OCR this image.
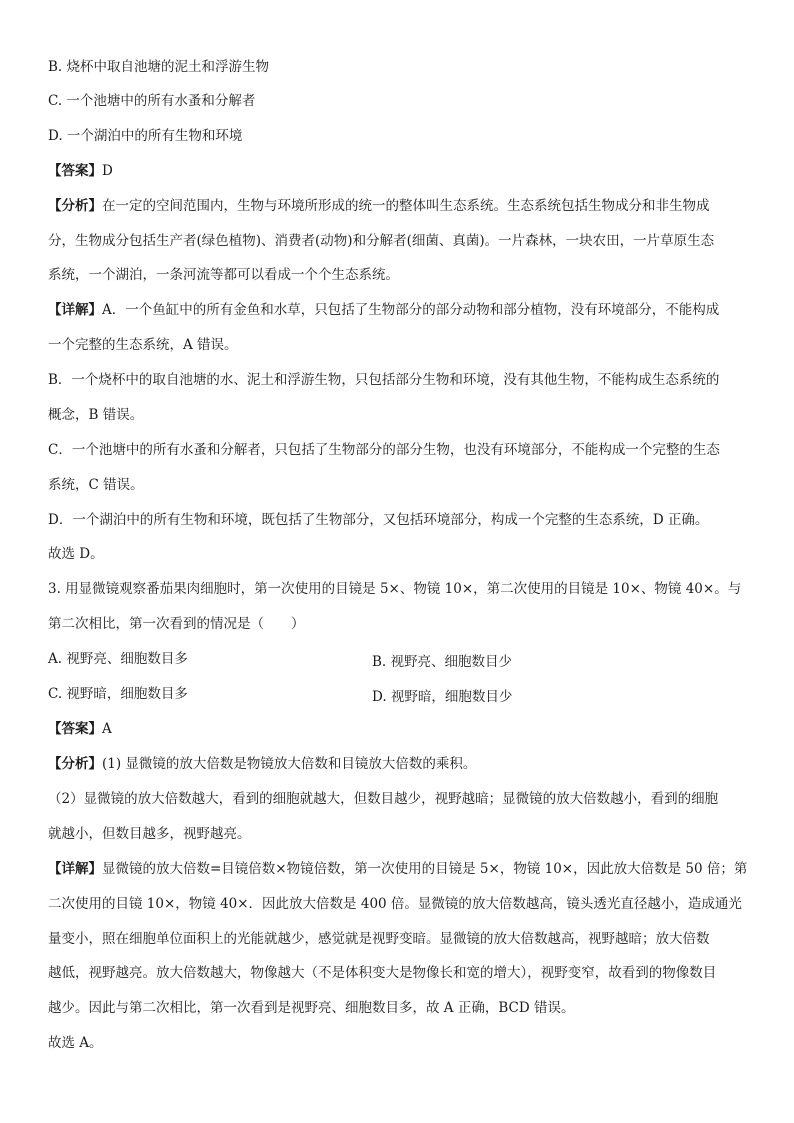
B. 烧杯中取自池塘的泥土和浮游生物
C. 一个池塘中的所有水蚤和分解者
D. 一个湖泊中的所有生物和环境
【答案】D
【分析】在一定的空间范围内，生物与环境所形成的统一的整体叫生态系统。生态系统包括生物成分和非生物成
分，生物成分包括生产者(绿色植物)、消费者(动物)和分解者(细菌、真菌)。一片森林，一块农田，一片草原生态
系统，一个湖泊，一条河流等都可以看成一个个生态系统。
【详解】A．一个鱼缸中的所有金鱼和水草，只包括了生物部分的部分动物和部分植物，没有环境部分，不能构成
一个完整的生态系统，A 错误。
B．一个烧杯中的取自池塘的水、泥土和浮游生物，只包括部分生物和环境，没有其他生物，不能构成生态系统的
概念，B 错误。
C．一个池塘中的所有水蚤和分解者，只包括了生物部分的部分生物，也没有环境部分，不能构成一个完整的生态
系统，C 错误。
D．一个湖泊中的所有生物和环境，既包括了生物部分，又包括环境部分，构成一个完整的生态系统，D 正确。
故选 D。
3. 用显微镜观察番茄果肉细胞时，第一次使用的目镜是 5×、物镜 10×，第二次使用的目镜是 10×、物镜 40×。与
第二次相比，第一次看到的情况是（　　）
A. 视野亮、细胞数目多	B. 视野亮、细胞数目少
C. 视野暗，细胞数目多	D. 视野暗，细胞数目少
【答案】A
【分析】(1) 显微镜的放大倍数是物镜放大倍数和目镜放大倍数的乘积。
（2）显微镜的放大倍数越大，看到的细胞就越大，但数目越少，视野越暗；显微镜的放大倍数越小，看到的细胞
就越小，但数目越多，视野越亮。
【详解】显微镜的放大倍数=目镜倍数×物镜倍数，第一次使用的目镜是 5×，物镜 10×，因此放大倍数是 50 倍；第
二次使用的目镜 10×，物镜 40×．因此放大倍数是 400 倍。显微镜的放大倍数越高，镜头透光直径越小，造成通光
量变小，照在细胞单位面积上的光能就越少，感觉就是视野变暗。显微镜的放大倍数越高，视野越暗；放大倍数
越低，视野越亮。放大倍数越大，物像越大（不是体积变大是物像长和宽的增大），视野变窄，故看到的物像数目
越少。因此与第二次相比，第一次看到是视野亮、细胞数目多，故 A 正确，BCD 错误。
故选 A。
